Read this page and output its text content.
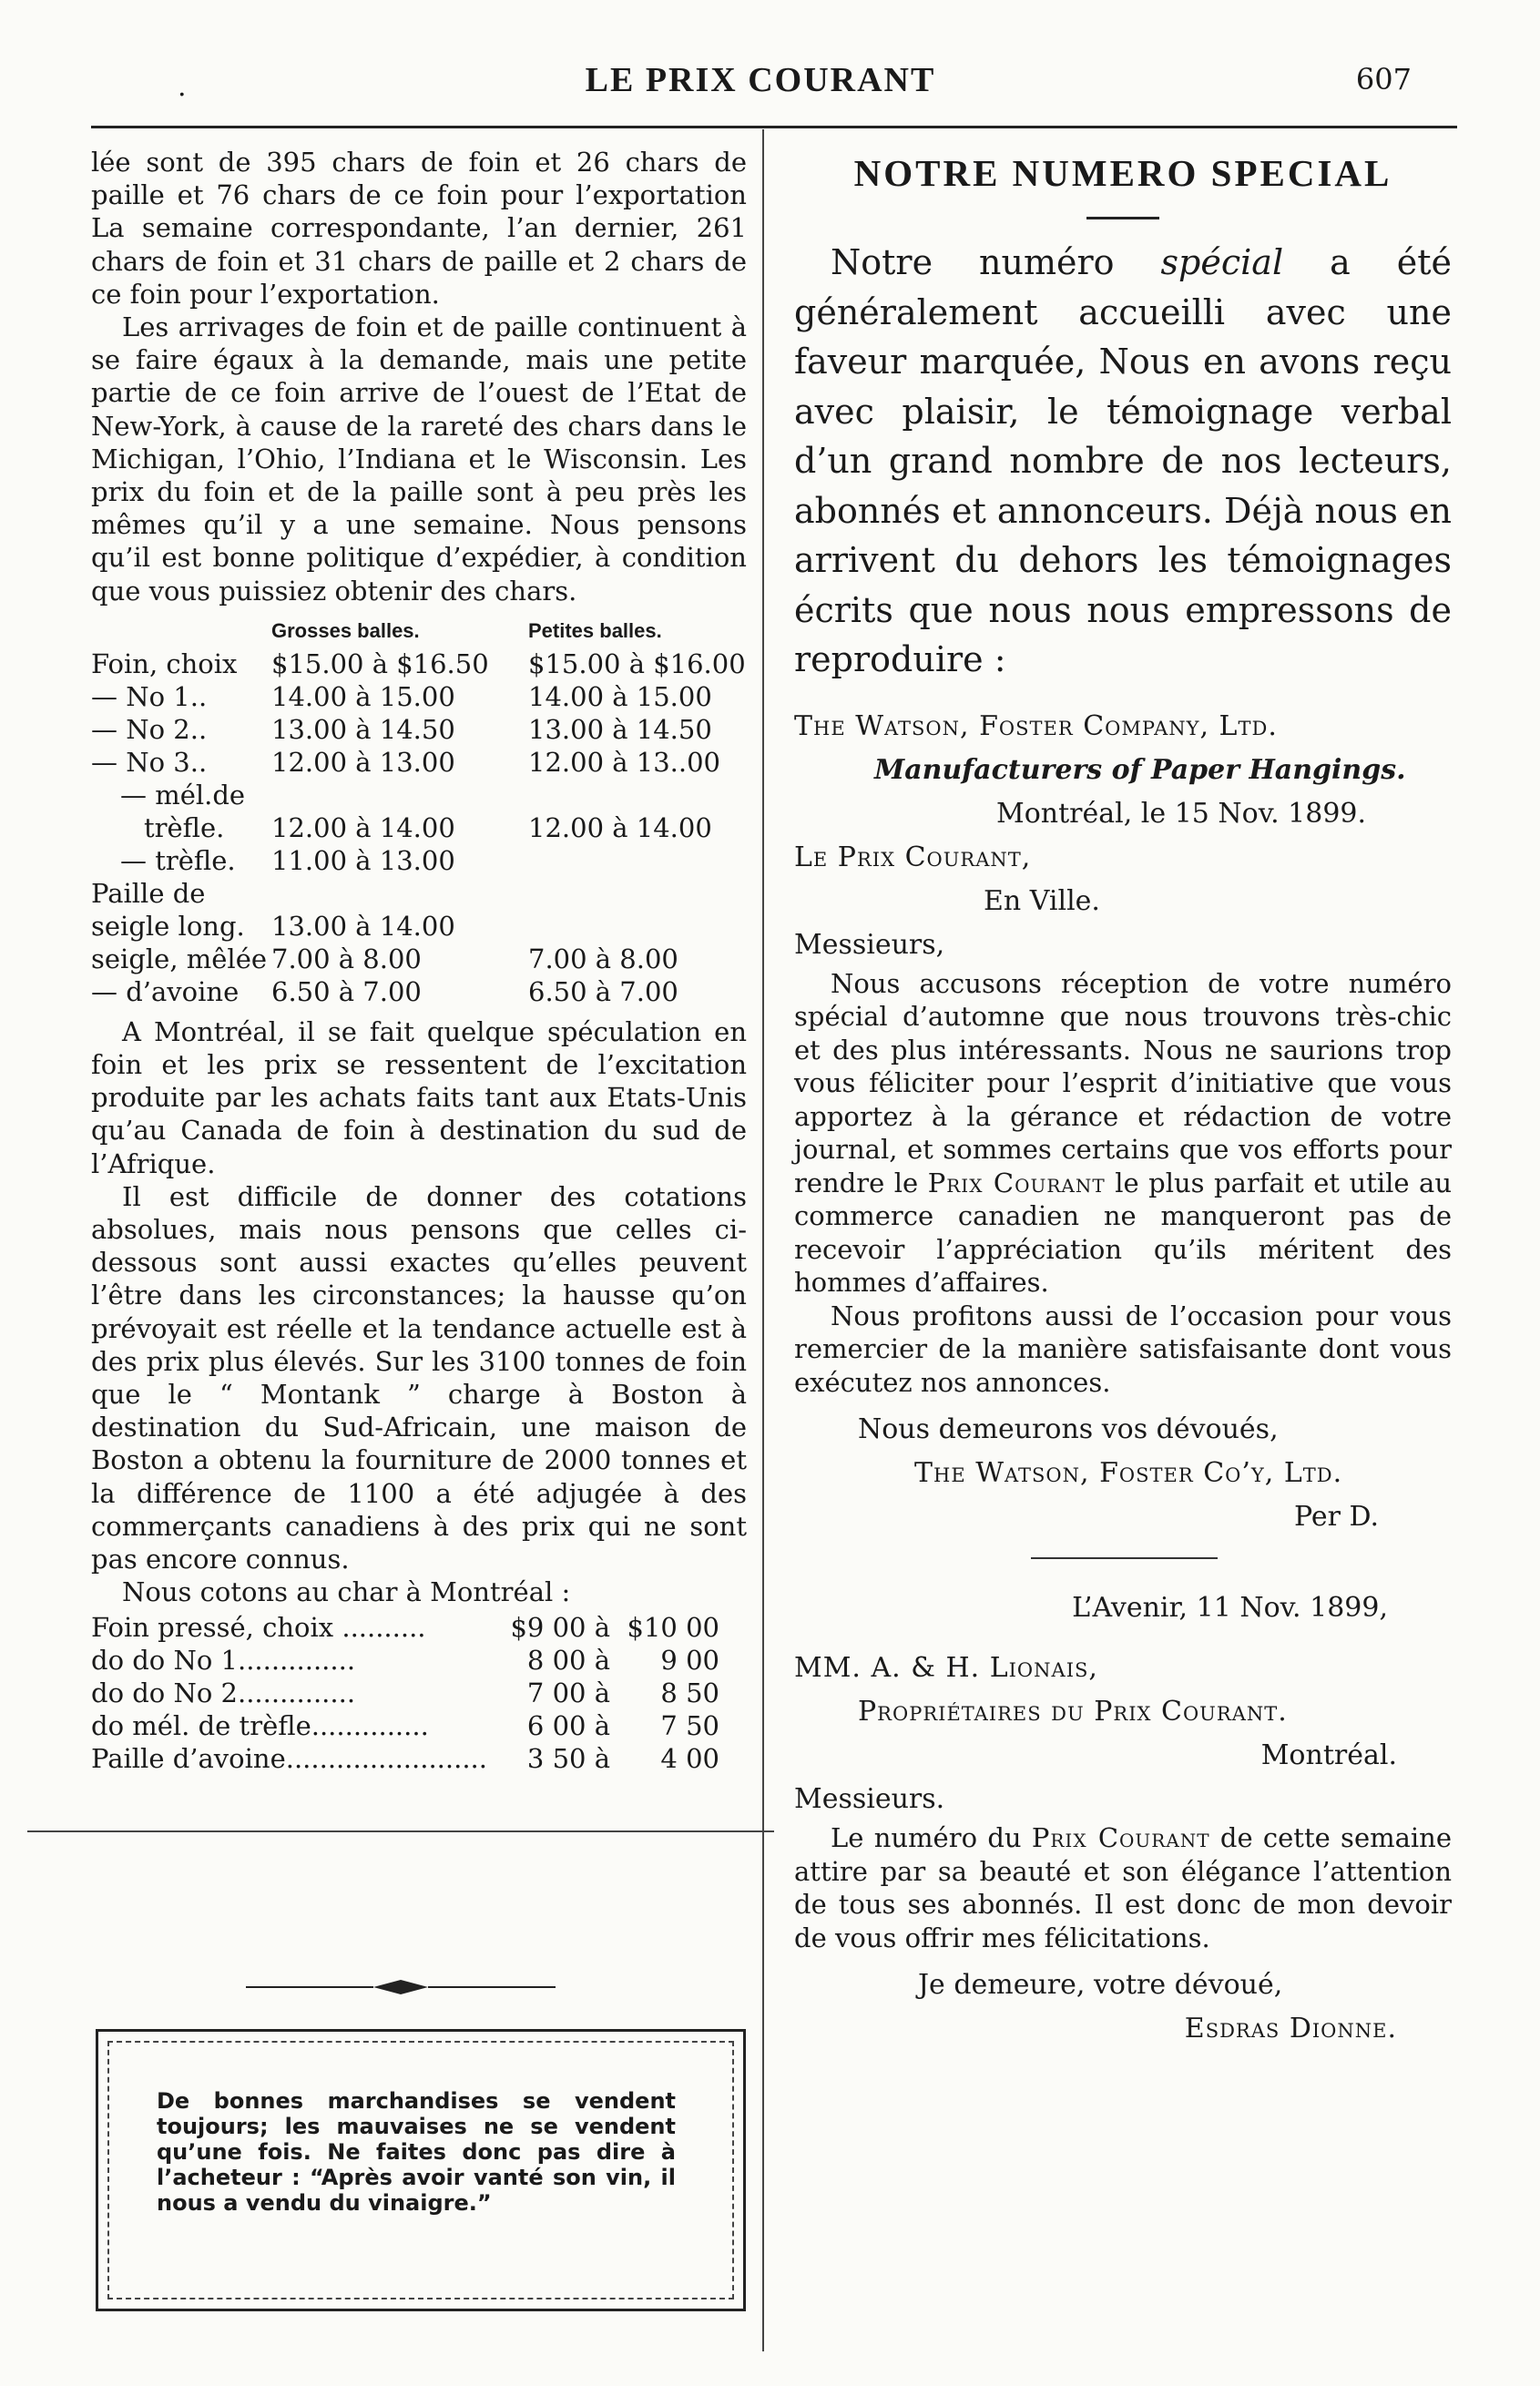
.	LE PRIX COURANT	607

lée sont de 395 chars de foin et 26 chars de paille et 76 chars de ce foin pour l’exportation La semaine correspondante, l’an dernier, 261 chars de foin et 31 chars de paille et 2 chars de ce foin pour l’exportation.

Les arrivages de foin et de paille continuent à se faire égaux à la demande, mais une petite partie de ce foin arrive de l’ouest de l’Etat de New-York, à cause de la rareté des chars dans le Michigan, l’Ohio, l’Indiana et le Wisconsin. Les prix du foin et de la paille sont à peu près les mêmes qu’il y a une semaine. Nous pensons qu’il est bonne politique d’expédier, à condition que vous puissiez obtenir des chars.

	Grosses balles.	Petites balles.
Foin, choix	$15.00 à $16.50	$15.00 à $16.00
— No 1..	14.00 à 15.00	14.00 à 15.00
— No 2..	13.00 à 14.50	13.00 à 14.50
— No 3..	12.00 à 13.00	12.00 à 13..00
— mél.de		
trèfle.	12.00 à 14.00	12.00 à 14.00
— trèfle.	11.00 à 13.00	
Paille de		
seigle long.	13.00 à 14.00	
seigle, mêlée	7.00 à 8.00	7.00 à 8.00
— d’avoine	6.50 à 7.00	6.50 à 7.00

A Montréal, il se fait quelque spéculation en foin et les prix se ressentent de l’excitation produite par les achats faits tant aux Etats-Unis qu’au Canada de foin à destination du sud de l’Afrique.

Il est difficile de donner des cotations absolues, mais nous pensons que celles ci-dessous sont aussi exactes qu’elles peuvent l’être dans les circonstances; la hausse qu’on prévoyait est réelle et la tendance actuelle est à des prix plus élevés. Sur les 3100 tonnes de foin que le “ Montank ” charge à Boston à destination du Sud-Africain, une maison de Boston a obtenu la fourniture de 2000 tonnes et la différence de 1100 a été adjugée à des commerçants canadiens à des prix qui ne sont pas encore connus.

Nous cotons au char à Montréal :

Foin pressé, choix ..........	$9 00 à	$10 00
do do No 1..............	8 00 à	9 00
do do No 2..............	7 00 à	8 50
do mél. de trèfle..............	6 00 à	7 50
Paille d’avoine........................	3 50 à	4 00

De bonnes marchandises se vendent toujours; les mauvaises ne se vendent qu’une fois. Ne faites donc pas dire à l’acheteur : “Après avoir vanté son vin, il nous a vendu du vinaigre.”

NOTRE NUMERO SPECIAL

Notre numéro spécial a été généralement accueilli avec une faveur marquée, Nous en avons reçu avec plaisir, le témoignage verbal d’un grand nombre de nos lecteurs, abonnés et annonceurs. Déjà nous en arrivent du dehors les témoignages écrits que nous nous empressons de reproduire :

The Watson, Foster Company, Ltd.

Manufacturers of Paper Hangings.

Montréal, le 15 Nov. 1899.

Le Prix Courant,

En Ville.

Messieurs,

Nous accusons réception de votre numéro spécial d’automne que nous trouvons très-chic et des plus intéressants. Nous ne saurions trop vous féliciter pour l’esprit d’initiative que vous apportez à la gérance et rédaction de votre journal, et sommes certains que vos efforts pour rendre le Prix Courant le plus parfait et utile au commerce canadien ne manqueront pas de recevoir l’appréciation qu’ils méritent des hommes d’affaires.

Nous profitons aussi de l’occasion pour vous remercier de la manière satisfaisante dont vous exécutez nos annonces.

Nous demeurons vos dévoués,

The Watson, Foster Co’y, Ltd.

Per D.

L’Avenir, 11 Nov. 1899,

MM. A. & H. Lionais,

Propriétaires du Prix Courant.

Montréal.

Messieurs.

Le numéro du Prix Courant de cette semaine attire par sa beauté et son élégance l’attention de tous ses abonnés. Il est donc de mon devoir de vous offrir mes félicitations.

Je demeure, votre dévoué,

Esdras Dionne.
